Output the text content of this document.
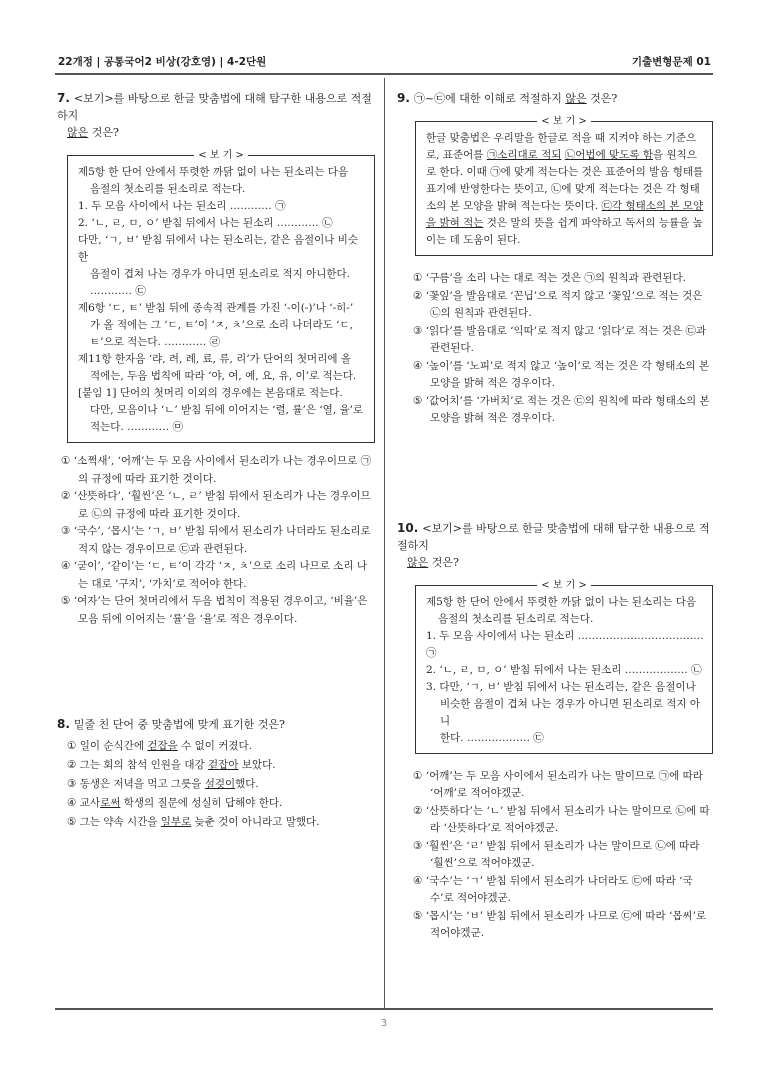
22개정 | 공통국어2 비상(강호영) | 4-2단원	기출변형문제 01
7. <보기>를 바탕으로 한글 맞춤법에 대해 탐구한 내용으로 적절하지
않은 것은?
< 보 기 >
제5항 한 단어 안에서 뚜렷한 까닭 없이 나는 된소리는 다음
음절의 첫소리를 된소리로 적는다.
1. 두 모음 사이에서 나는 된소리 ………… ㉠
2. ‘ㄴ, ㄹ, ㅁ, ㅇ’ 받침 뒤에서 나는 된소리 ………… ㉡
다만, ‘ㄱ, ㅂ’ 받침 뒤에서 나는 된소리는, 같은 음절이나 비슷한
음절이 겹쳐 나는 경우가 아니면 된소리로 적지 아니한다.
………… ㉢
제6항 ‘ㄷ, ㅌ’ 받침 뒤에 종속적 관계를 가진 ‘-이(-)’나 ‘-히-’
가 올 적에는 그 ‘ㄷ, ㅌ’이 ‘ㅈ, ㅊ’으로 소리 나더라도 ‘ㄷ,
ㅌ’으로 적는다. ………… ㉣
제11항 한자음 ‘랴, 려, 례, 료, 류, 리’가 단어의 첫머리에 올
적에는, 두음 법칙에 따라 ‘야, 여, 예, 요, 유, 이’로 적는다.
[붙임 1] 단어의 첫머리 이외의 경우에는 본음대로 적는다.
다만, 모음이나 ‘ㄴ’ 받침 뒤에 이어지는 ‘렬, 률’은 ‘열, 율’로
적는다. ………… ㉤
① ‘소쩍새’, ‘어깨’는 두 모음 사이에서 된소리가 나는 경우이므로 ㉠의 규정에 따라 표기한 것이다.
② ‘산뜻하다’, ‘훨씬’은 ‘ㄴ, ㄹ’ 받침 뒤에서 된소리가 나는 경우이므로 ㉡의 규정에 따라 표기한 것이다.
③ ‘국수’, ‘몹시’는 ‘ㄱ, ㅂ’ 받침 뒤에서 된소리가 나더라도 된소리로 적지 않는 경우이므로 ㉢과 관련된다.
④ ‘굳이’, ‘같이’는 ‘ㄷ, ㅌ’이 각각 ‘ㅈ, ㅊ’으로 소리 나므로 소리 나는 대로 ‘구지’, ‘가치’로 적어야 한다.
⑤ ‘여자’는 단어 첫머리에서 두음 법칙이 적용된 경우이고, ‘비율’은 모음 뒤에 이어지는 ‘률’을 ‘율’로 적은 경우이다.
8. 밑줄 친 단어 중 맞춤법에 맞게 표기한 것은?
① 일이 순식간에 걷잡을 수 없이 커졌다.
② 그는 회의 참석 인원을 대강 겉잡아 보았다.
③ 동생은 저녁을 먹고 그릇을 설겆이했다.
④ 교사로써 학생의 질문에 성실히 답해야 한다.
⑤ 그는 약속 시간을 일부로 늦춘 것이 아니라고 말했다.
9. ㉠~㉢에 대한 이해로 적절하지 않은 것은?
< 보 기 >
한글 맞춤법은 우리말을 한글로 적을 때 지켜야 하는 기준으로, 표준어를 ㉠소리대로 적되 ㉡어법에 맞도록 함을 원칙으로 한다. 이때 ㉠에 맞게 적는다는 것은 표준어의 발음 형태를 표기에 반영한다는 뜻이고, ㉡에 맞게 적는다는 것은 각 형태소의 본 모양을 밝혀 적는다는 뜻이다. ㉢각 형태소의 본 모양을 밝혀 적는 것은 말의 뜻을 쉽게 파악하고 독서의 능률을 높이는 데 도움이 된다.
① ‘구름’을 소리 나는 대로 적는 것은 ㉠의 원칙과 관련된다.
② ‘꽃잎’을 발음대로 ‘꼰닙’으로 적지 않고 ‘꽃잎’으로 적는 것은 ㉡의 원칙과 관련된다.
③ ‘읽다’를 발음대로 ‘익따’로 적지 않고 ‘읽다’로 적는 것은 ㉢과 관련된다.
④ ‘높이’를 ‘노피’로 적지 않고 ‘높이’로 적는 것은 각 형태소의 본 모양을 밝혀 적은 경우이다.
⑤ ‘값어치’를 ‘가버치’로 적는 것은 ㉢의 원칙에 따라 형태소의 본 모양을 밝혀 적은 경우이다.
10. <보기>를 바탕으로 한글 맞춤법에 대해 탐구한 내용으로 적절하지
않은 것은?
< 보 기 >
제5항 한 단어 안에서 뚜렷한 까닭 없이 나는 된소리는 다음
음절의 첫소리를 된소리로 적는다.
1. 두 모음 사이에서 나는 된소리 ……………………………… ㉠
2. ‘ㄴ, ㄹ, ㅁ, ㅇ’ 받침 뒤에서 나는 된소리 ……………… ㉡
3. 다만, ‘ㄱ, ㅂ’ 받침 뒤에서 나는 된소리는, 같은 음절이나
비슷한 음절이 겹쳐 나는 경우가 아니면 된소리로 적지 아니
한다. ……………… ㉢
① ‘어깨’는 두 모음 사이에서 된소리가 나는 말이므로 ㉠에 따라 ‘어깨’로 적어야겠군.
② ‘산뜻하다’는 ‘ㄴ’ 받침 뒤에서 된소리가 나는 말이므로 ㉡에 따라 ‘산뜻하다’로 적어야겠군.
③ ‘훨씬’은 ‘ㄹ’ 받침 뒤에서 된소리가 나는 말이므로 ㉡에 따라 ‘훨씬’으로 적어야겠군.
④ ‘국수’는 ‘ㄱ’ 받침 뒤에서 된소리가 나더라도 ㉢에 따라 ‘국수’로 적어야겠군.
⑤ ‘몹시’는 ‘ㅂ’ 받침 뒤에서 된소리가 나므로 ㉢에 따라 ‘몹씨’로 적어야겠군.
3
